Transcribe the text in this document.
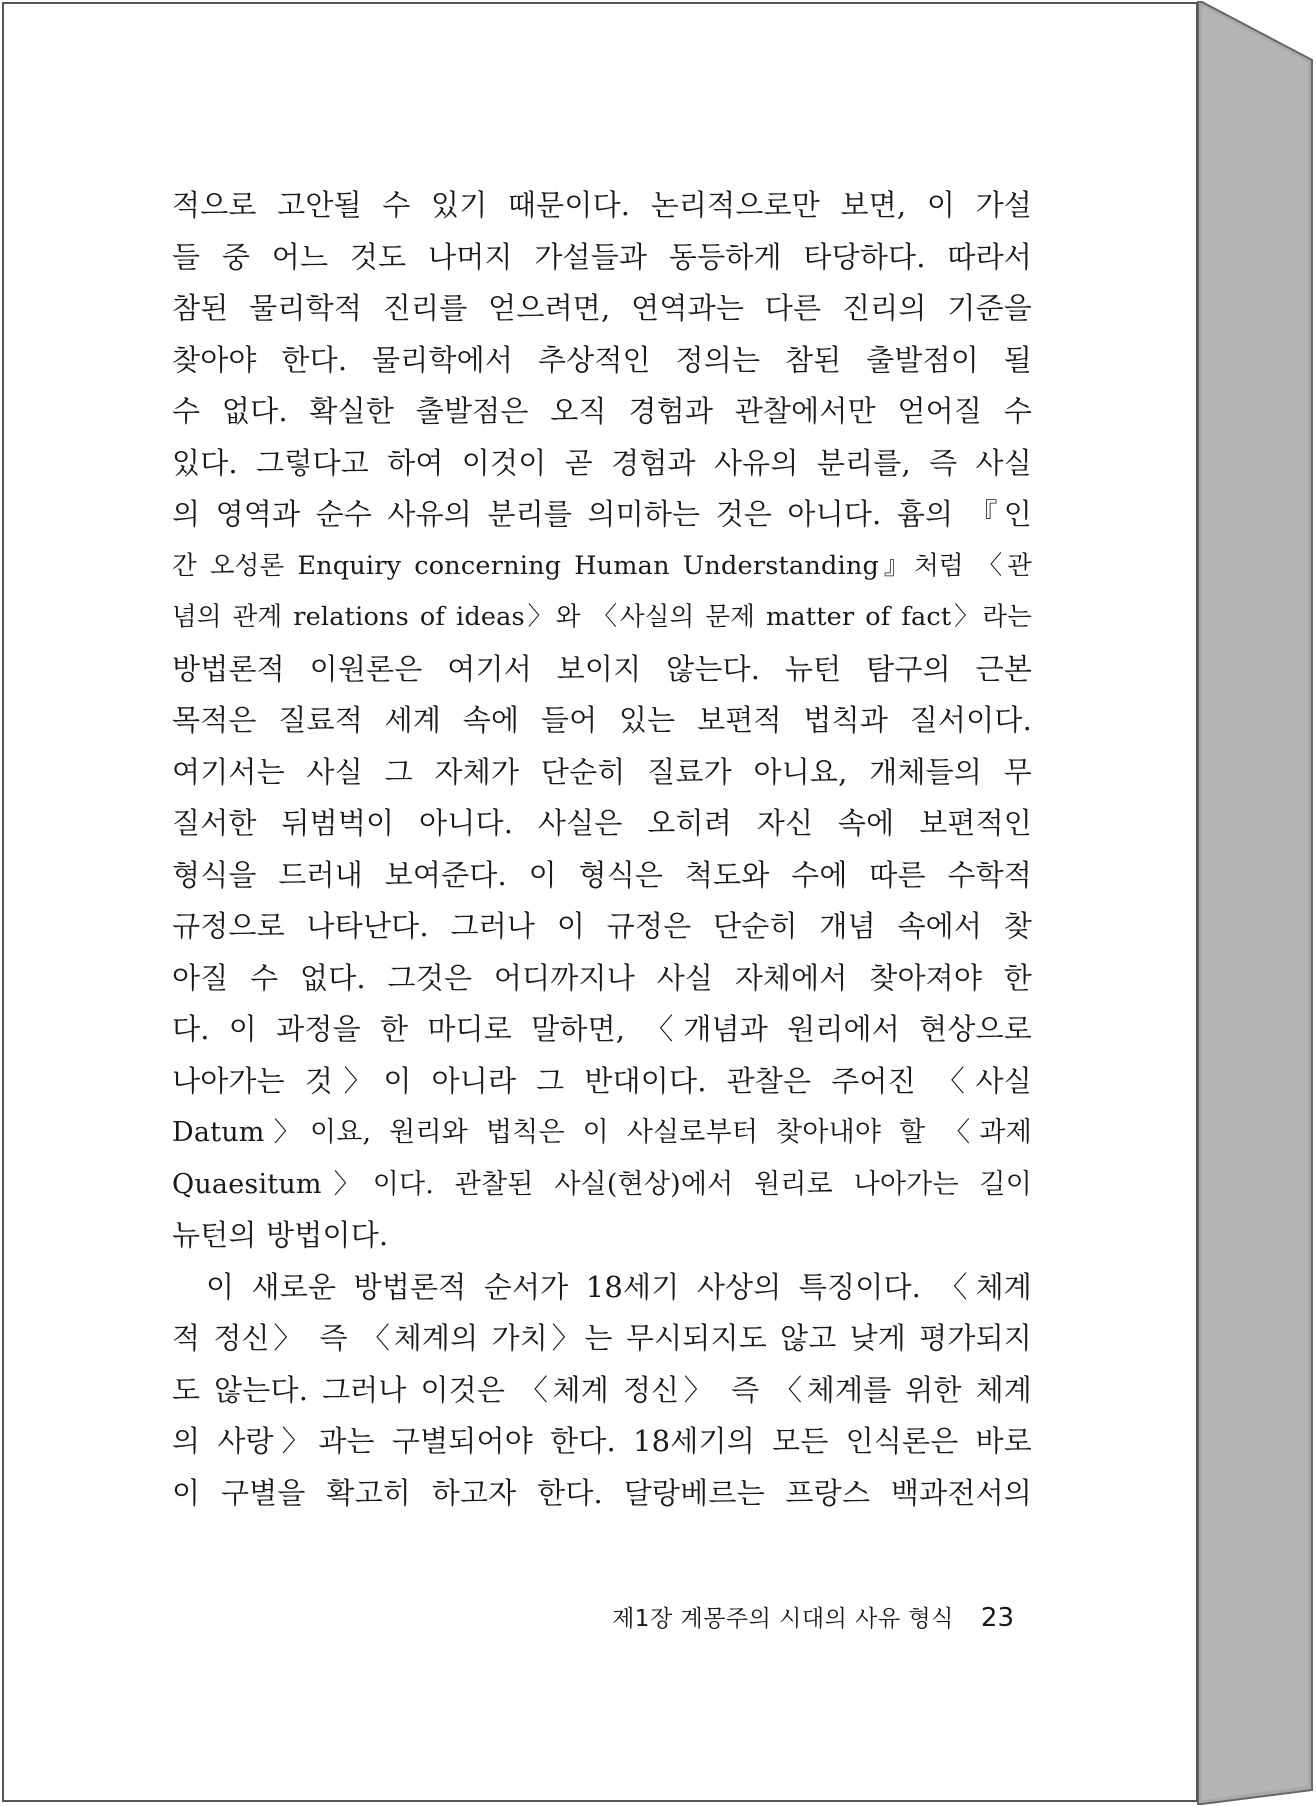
적으로 고안될 수 있기 때문이다. 논리적으로만 보면, 이 가설
들 중 어느 것도 나머지 가설들과 동등하게 타당하다. 따라서
참된 물리학적 진리를 얻으려면, 연역과는 다른 진리의 기준을
찾아야 한다. 물리학에서 추상적인 정의는 참된 출발점이 될
수 없다. 확실한 출발점은 오직 경험과 관찰에서만 얻어질 수
있다. 그렇다고 하여 이것이 곧 경험과 사유의 분리를, 즉 사실
의 영역과 순수 사유의 분리를 의미하는 것은 아니다. 흄의 『인
간 오성론 Enquiry concerning Human Understanding』처럼 〈관
념의 관계 relations of ideas〉와 〈사실의 문제 matter of fact〉라는
방법론적 이원론은 여기서 보이지 않는다. 뉴턴 탐구의 근본
목적은 질료적 세계 속에 들어 있는 보편적 법칙과 질서이다.
여기서는 사실 그 자체가 단순히 질료가 아니요, 개체들의 무
질서한 뒤범벅이 아니다. 사실은 오히려 자신 속에 보편적인
형식을 드러내 보여준다. 이 형식은 척도와 수에 따른 수학적
규정으로 나타난다. 그러나 이 규정은 단순히 개념 속에서 찾
아질 수 없다. 그것은 어디까지나 사실 자체에서 찾아져야 한
다. 이 과정을 한 마디로 말하면, 〈개념과 원리에서 현상으로
나아가는 것〉이 아니라 그 반대이다. 관찰은 주어진 〈사실
Datum〉이요, 원리와 법칙은 이 사실로부터 찾아내야 할 〈과제
Quaesitum〉이다. 관찰된 사실(현상)에서 원리로 나아가는 길이
뉴턴의 방법이다.
이 새로운 방법론적 순서가 18세기 사상의 특징이다. 〈체계
적 정신〉 즉 〈체계의 가치〉는 무시되지도 않고 낮게 평가되지
도 않는다. 그러나 이것은 〈체계 정신〉 즉 〈체계를 위한 체계
의 사랑〉과는 구별되어야 한다. 18세기의 모든 인식론은 바로
이 구별을 확고히 하고자 한다. 달랑베르는 프랑스 백과전서의
제1장 계몽주의 시대의 사유 형식 23
